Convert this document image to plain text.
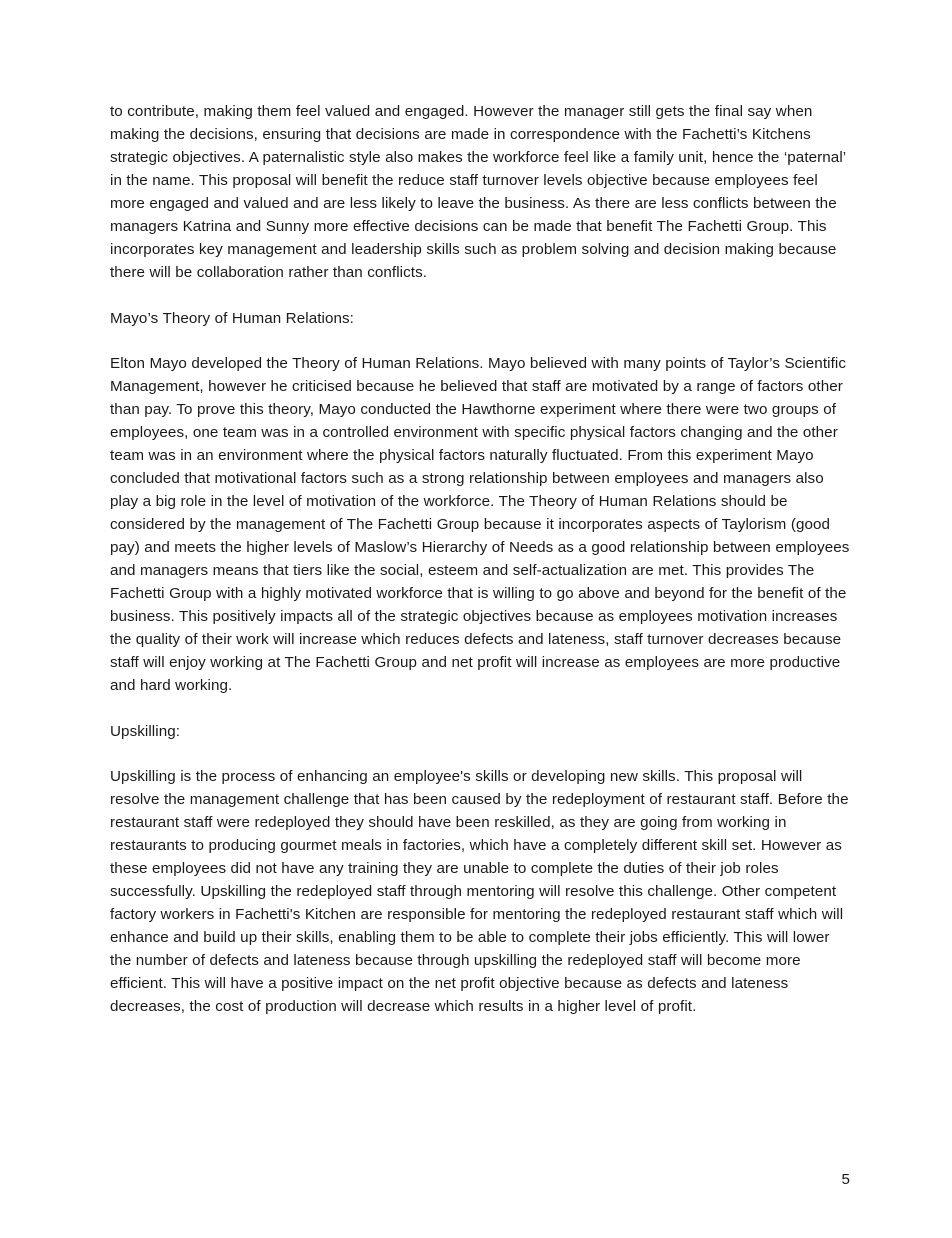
to contribute, making them feel valued and engaged. However the manager still gets the final say when making the decisions, ensuring that decisions are made in correspondence with the Fachetti’s Kitchens strategic objectives. A paternalistic style also makes the workforce feel like a family unit, hence the ‘paternal’ in the name. This proposal will benefit the reduce staff turnover levels objective because employees feel more engaged and valued and are less likely to leave the business. As there are less conflicts between the managers Katrina and Sunny more effective decisions can be made that benefit The Fachetti Group. This incorporates key management and leadership skills such as problem solving and decision making because there will be collaboration rather than conflicts.

Mayo’s Theory of Human Relations:

Elton Mayo developed the Theory of Human Relations. Mayo believed with many points of Taylor’s Scientific Management, however he criticised because he believed that staff are motivated by a range of factors other than pay. To prove this theory, Mayo conducted the Hawthorne experiment where there were two groups of employees, one team was in a controlled environment with specific physical factors changing and the other team was in an environment where the physical factors naturally fluctuated. From this experiment Mayo concluded that motivational factors such as a strong relationship between employees and managers also play a big role in the level of motivation of the workforce. The Theory of Human Relations should be considered by the management of The Fachetti Group because it incorporates aspects of Taylorism (good pay) and meets the higher levels of Maslow’s Hierarchy of Needs as a good relationship between employees and managers means that tiers like the social, esteem and self-actualization are met. This provides The Fachetti Group with a highly motivated workforce that is willing to go above and beyond for the benefit of the business. This positively impacts all of the strategic objectives because as employees motivation increases the quality of their work will increase which reduces defects and lateness, staff turnover decreases because staff will enjoy working at The Fachetti Group and net profit will increase as employees are more productive and hard working.

Upskilling:

Upskilling is the process of enhancing an employee's skills or developing new skills. This proposal will resolve the management challenge that has been caused by the redeployment of restaurant staff. Before the restaurant staff were redeployed they should have been reskilled, as they are going from working in restaurants to producing gourmet meals in factories, which have a completely different skill set. However as these employees did not have any training they are unable to complete the duties of their job roles successfully. Upskilling the redeployed staff through mentoring will resolve this challenge. Other competent factory workers in Fachetti's Kitchen are responsible for mentoring the redeployed restaurant staff which will enhance and build up their skills, enabling them to be able to complete their jobs efficiently. This will lower the number of defects and lateness because through upskilling the redeployed staff will become more efficient. This will have a positive impact on the net profit objective because as defects and lateness decreases, the cost of production will decrease which results in a higher level of profit.

5
